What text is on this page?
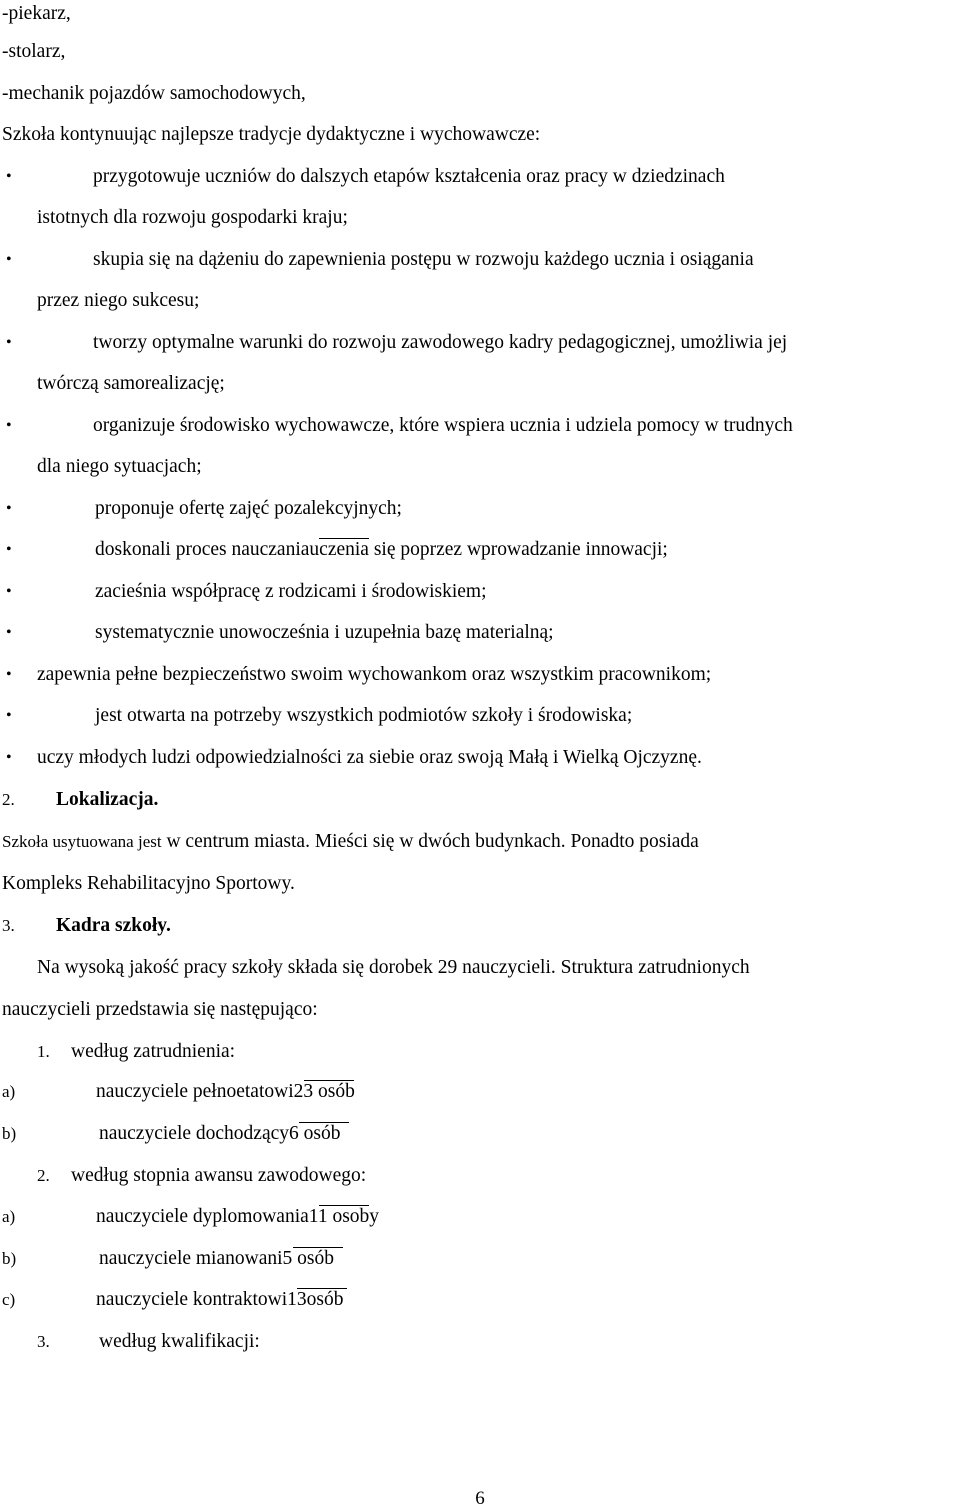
-piekarz,
-stolarz,
-mechanik pojazdów samochodowych,
Szkoła kontynuując najlepsze tradycje dydaktyczne i wychowawcze:
•	przygotowuje uczniów do dalszych etapów kształcenia oraz pracy w dziedzinach
istotnych dla rozwoju gospodarki kraju;
•	skupia się na dążeniu do zapewnienia postępu w rozwoju każdego ucznia i osiągania
przez niego sukcesu;
•	tworzy optymalne warunki do rozwoju zawodowego kadry pedagogicznej, umożliwia jej
twórczą samorealizację;
•	organizuje środowisko wychowawcze, które wspiera ucznia i udziela pomocy w trudnych
dla niego sytuacjach;
•	proponuje ofertę zajęć pozalekcyjnych;
•	doskonali proces nauczania
uczenia się poprzez wprowadzanie innowacji;
•	zacieśnia współpracę z rodzicami i środowiskiem;
•	systematycznie unowocześnia i uzupełnia bazę materialną;
• zapewnia pełne bezpieczeństwo swoim wychowankom oraz wszystkim pracownikom;
•	jest otwarta na potrzeby wszystkich podmiotów szkoły i środowiska;
• uczy młodych ludzi odpowiedzialności za siebie oraz swoją Małą i Wielką Ojczyznę.
2. Lokalizacja.
Szkoła usytuowana jest w centrum miasta. Mieści się w dwóch budynkach. Ponadto posiada
Kompleks Rehabilitacyjno Sportowy.
3. Kadra szkoły.
Na wysoką jakość pracy szkoły składa się dorobek 29 nauczycieli. Struktura zatrudnionych
nauczycieli przedstawia się następująco:
1. według zatrudnienia:
a)	nauczyciele pełnoetatowi
23 osób
b)	nauczyciele dochodzący
6 osób
2. według stopnia awansu zawodowego:
a)	nauczyciele dyplomowania
11 osoby
b)	nauczyciele mianowani
5 osób
c)	nauczyciele kontraktowi
13osób
3.	według kwalifikacji:
6
